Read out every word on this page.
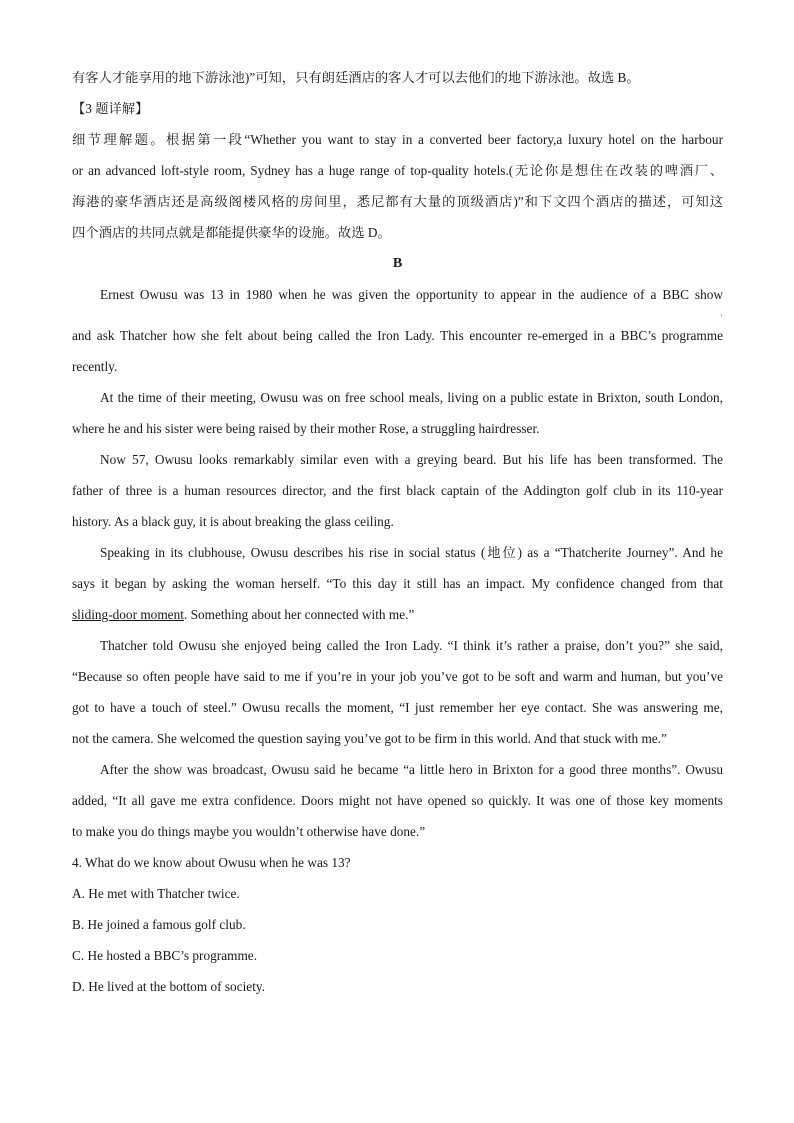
有客人才能享用的地下游泳池)”可知，只有朗廷酒店的客人才可以去他们的地下游泳池。故选 B。
【3 题详解】
细节理解题。根据第一段“Whether you want to stay in a converted beer factory,a luxury hotel on the harbour
or an advanced loft-style room, Sydney has a huge range of top-quality hotels.(无论你是想住在改装的啤酒厂、
海港的豪华酒店还是高级阁楼风格的房间里，悉尼都有大量的顶级酒店)”和下文四个酒店的描述，可知这
四个酒店的共同点就是都能提供豪华的设施。故选 D。
B
Ernest Owusu was 13 in 1980 when he was given the opportunity to appear in the audience of a BBC show
and ask Thatcher how she felt about being called the Iron Lady. This encounter re-emerged in a BBC’s programme
recently.
At the time of their meeting, Owusu was on free school meals, living on a public estate in Brixton, south London,
where he and his sister were being raised by their mother Rose, a struggling hairdresser.
Now 57, Owusu looks remarkably similar even with a greying beard. But his life has been transformed. The
father of three is a human resources director, and the first black captain of the Addington golf club in its 110-year
history. As a black guy, it is about breaking the glass ceiling.
Speaking in its clubhouse, Owusu describes his rise in social status (地位) as a “Thatcherite Journey”. And he
says it began by asking the woman herself. “To this day it still has an impact. My confidence changed from that
sliding-door moment. Something about her connected with me.”
Thatcher told Owusu she enjoyed being called the Iron Lady. “I think it’s rather a praise, don’t you?” she said,
“Because so often people have said to me if you’re in your job you’ve got to be soft and warm and human, but you’ve
got to have a touch of steel.” Owusu recalls the moment, “I just remember her eye contact. She was answering me,
not the camera. She welcomed the question saying you’ve got to be firm in this world. And that stuck with me.”
After the show was broadcast, Owusu said he became “a little hero in Brixton for a good three months”. Owusu
added, “It all gave me extra confidence. Doors might not have opened so quickly. It was one of those key moments
to make you do things maybe you wouldn’t otherwise have done.”
4. What do we know about Owusu when he was 13?
A. He met with Thatcher twice.
B. He joined a famous golf club.
C. He hosted a BBC’s programme.
D. He lived at the bottom of society.
'
